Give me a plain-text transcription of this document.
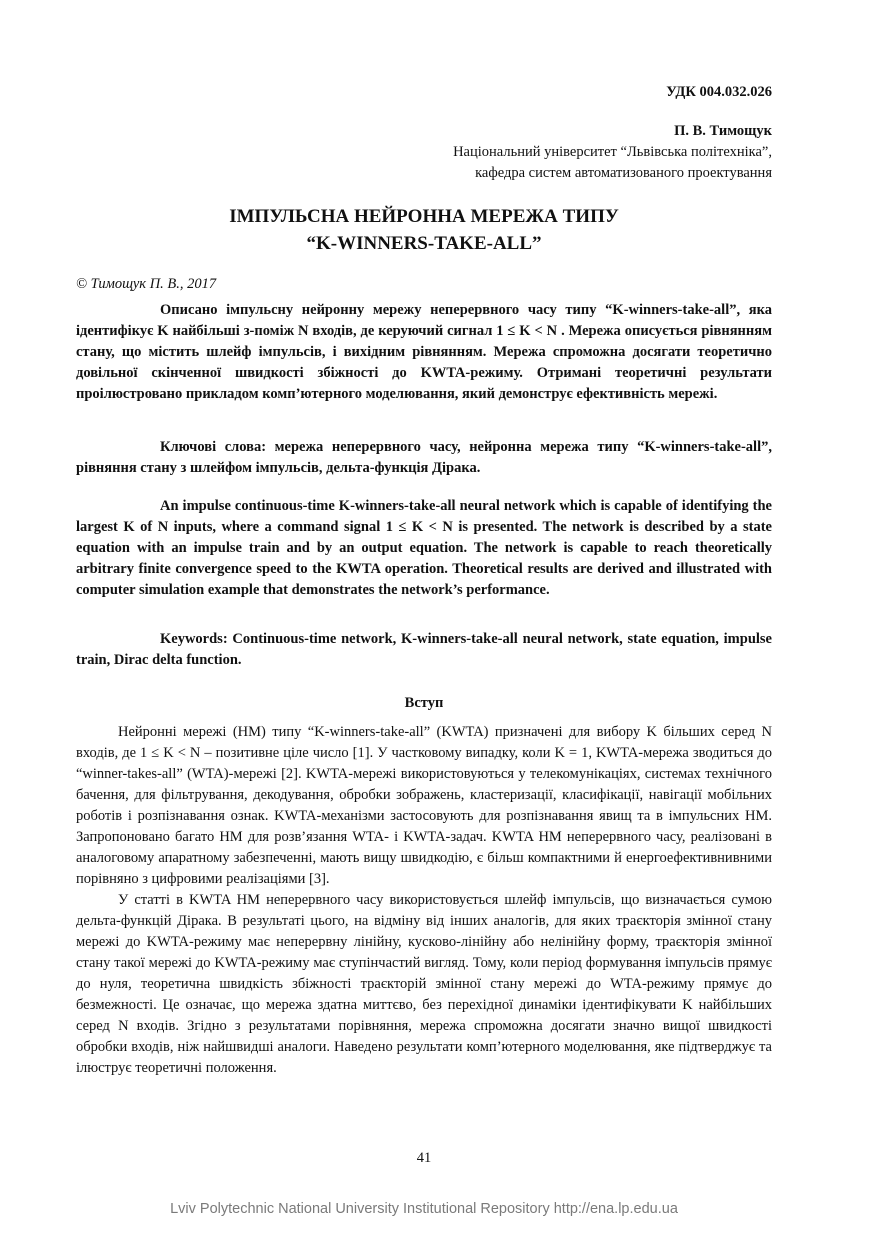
УДК 004.032.026
П. В. Тимощук
Національний університет “Львівська політехніка”,
кафедра систем автоматизованого проектування
ІМПУЛЬСНА НЕЙРОННА МЕРЕЖА ТИПУ
“K-WINNERS-TAKE-ALL”
© Тимощук П. В., 2017

Описано імпульсну нейронну мережу неперервного часу типу “K-winners-take-all”, яка ідентифікує K найбільші з-поміж N входів, де керуючий сигнал 1 ≤ K < N . Мережа описується рівнянням стану, що містить шлейф імпульсів, і вихідним рівнянням. Мережа спроможна досягати теоретично довільної скінченної швидкості збіжності до KWTA-режиму. Отримані теоретичні результати проілюстровано прикладом комп’ютерного моделювання, який демонструє ефективність мережі.

Ключові слова: мережа неперервного часу, нейронна мережа типу “K-winners-take-all”, рівняння стану з шлейфом імпульсів, дельта-функція Дірака.

An impulse continuous-time K-winners-take-all neural network which is capable of identifying the largest K of N inputs, where a command signal 1 ≤ K < N is presented. The network is described by a state equation with an impulse train and by an output equation. The network is capable to reach theoretically arbitrary finite convergence speed to the KWTA operation. Theoretical results are derived and illustrated with computer simulation example that demonstrates the network’s performance.

Keywords: Continuous-time network, K-winners-take-all neural network, state equation, impulse train, Dirac delta function.

Вступ

Нейронні мережі (НМ) типу “K-winners-take-all” (KWTA) призначені для вибору K більших серед N входів, де 1 ≤ K < N – позитивне ціле число [1]. У частковому випадку, коли K = 1, KWTA-мережа зводиться до “winner-takes-all” (WTA)-мережі [2]. KWTA-мережі використовуються у телекомунікаціях, системах технічного бачення, для фільтрування, декодування, обробки зображень, кластеризації, класифікації, навігації мобільних роботів і розпізнавання ознак. KWTA-механізми застосовують для розпізнавання явищ та в імпульсних НМ. Запропоновано багато НМ для розв’язання WTA- і KWTA-задач. KWTA НМ неперервного часу, реалізовані в аналоговому апаратному забезпеченні, мають вищу швидкодію, є більш компактними й енергоефективнивними порівняно з цифровими реалізаціями [3].

У статті в KWTA НМ неперервного часу використовується шлейф імпульсів, що визначається сумою дельта-функцій Дірака. В результаті цього, на відміну від інших аналогів, для яких траєкторія змінної стану мережі до KWTA-режиму має неперервну лінійну, кусково-лінійну або нелінійну форму, траєкторія змінної стану такої мережі до KWTA-режиму має ступінчастий вигляд. Тому, коли період формування імпульсів прямує до нуля, теоретична швидкість збіжності траєкторій змінної стану мережі до WTA-режиму прямує до безмежності. Це означає, що мережа здатна миттєво, без перехідної динаміки ідентифікувати K найбільших серед N входів. Згідно з результатами порівняння, мережа спроможна досягати значно вищої швидкості обробки входів, ніж найшвидші аналоги. Наведено результати комп’ютерного моделювання, яке підтверджує та ілюструє теоретичні положення.

41
Lviv Polytechnic National University Institutional Repository http://ena.lp.edu.ua
